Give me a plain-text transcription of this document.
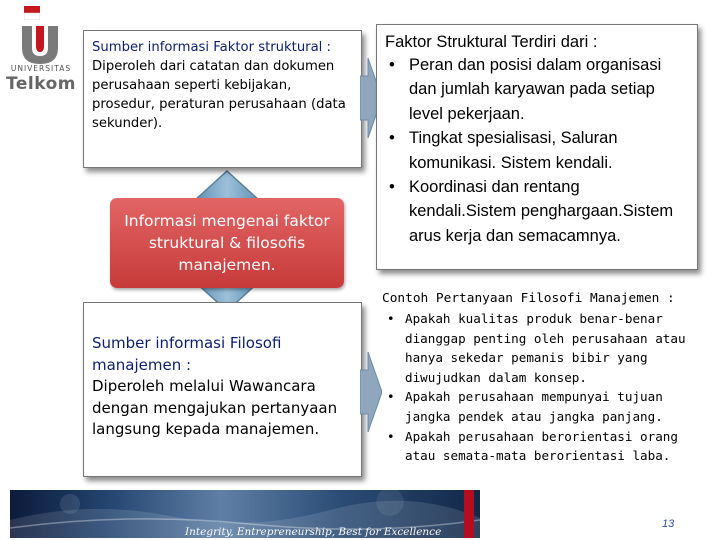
UNIVERSITAS
Telkom

Sumber informasi Faktor struktural :
Diperoleh dari catatan dan dokumen perusahaan seperti kebijakan, prosedur, peraturan perusahaan (data sekunder).

Informasi mengenai faktor struktural & filosofis manajemen.

Sumber informasi Filosofi manajemen :
Diperoleh melalui Wawancara dengan mengajukan pertanyaan langsung kepada manajemen.

Faktor Struktural Terdiri dari :
• Peran dan posisi dalam organisasi dan jumlah karyawan pada setiap level pekerjaan.
• Tingkat spesialisasi, Saluran komunikasi. Sistem kendali.
• Koordinasi dan rentang kendali.Sistem penghargaan.Sistem arus kerja dan semacamnya.
Contoh Pertanyaan Filosofi Manajemen :
• Apakah kualitas produk benar-benar dianggap penting oleh perusahaan atau hanya sekedar pemanis bibir yang diwujudkan dalam konsep.
• Apakah perusahaan mempunyai tujuan jangka pendek atau jangka panjang.
• Apakah perusahaan berorientasi orang atau semata-mata berorientasi laba.
Integrity, Entrepreneurship, Best for Excellence
13
